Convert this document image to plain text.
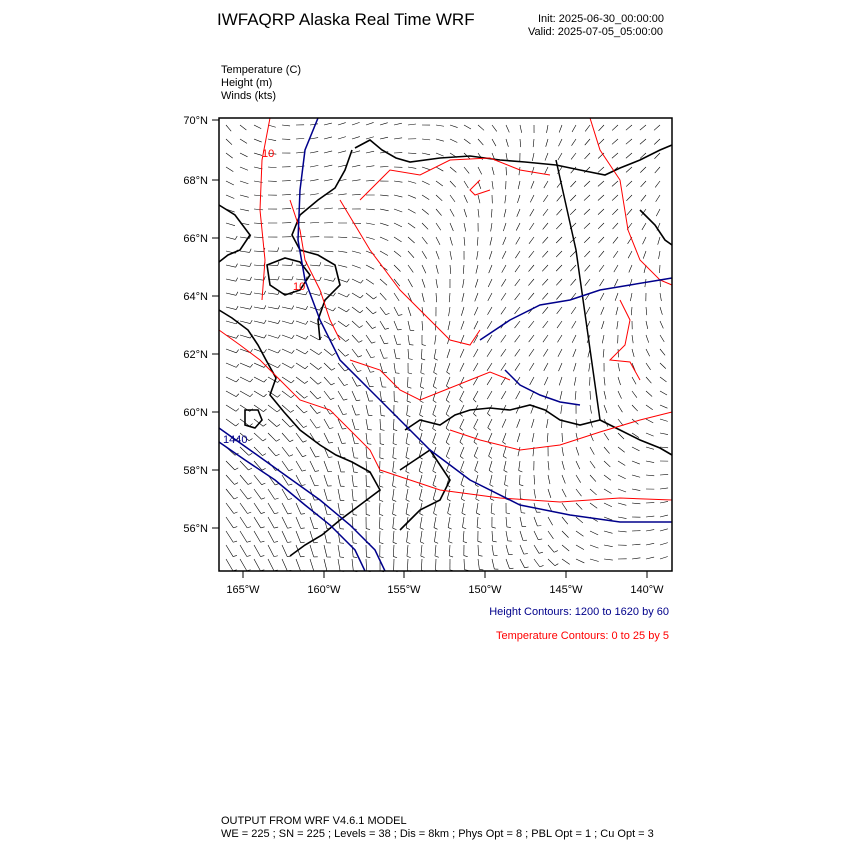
IWFAQRP Alaska Real Time WRF	Init: 2025-06-30_00:00:00
Valid: 2025-07-05_05:00:00
Temperature (C)
Height (m)
Winds (kts)
10
10
1440
56°N
58°N
60°N
62°N
64°N
66°N
68°N
70°N
165°W	160°W	155°W	150°W	145°W	140°W
Height Contours: 1200 to 1620 by 60
Temperature Contours: 0 to 25 by 5
OUTPUT FROM WRF V4.6.1 MODEL
WE = 225 ; SN = 225 ; Levels = 38 ; Dis = 8km ; Phys Opt = 8 ; PBL Opt = 1 ; Cu Opt = 3
